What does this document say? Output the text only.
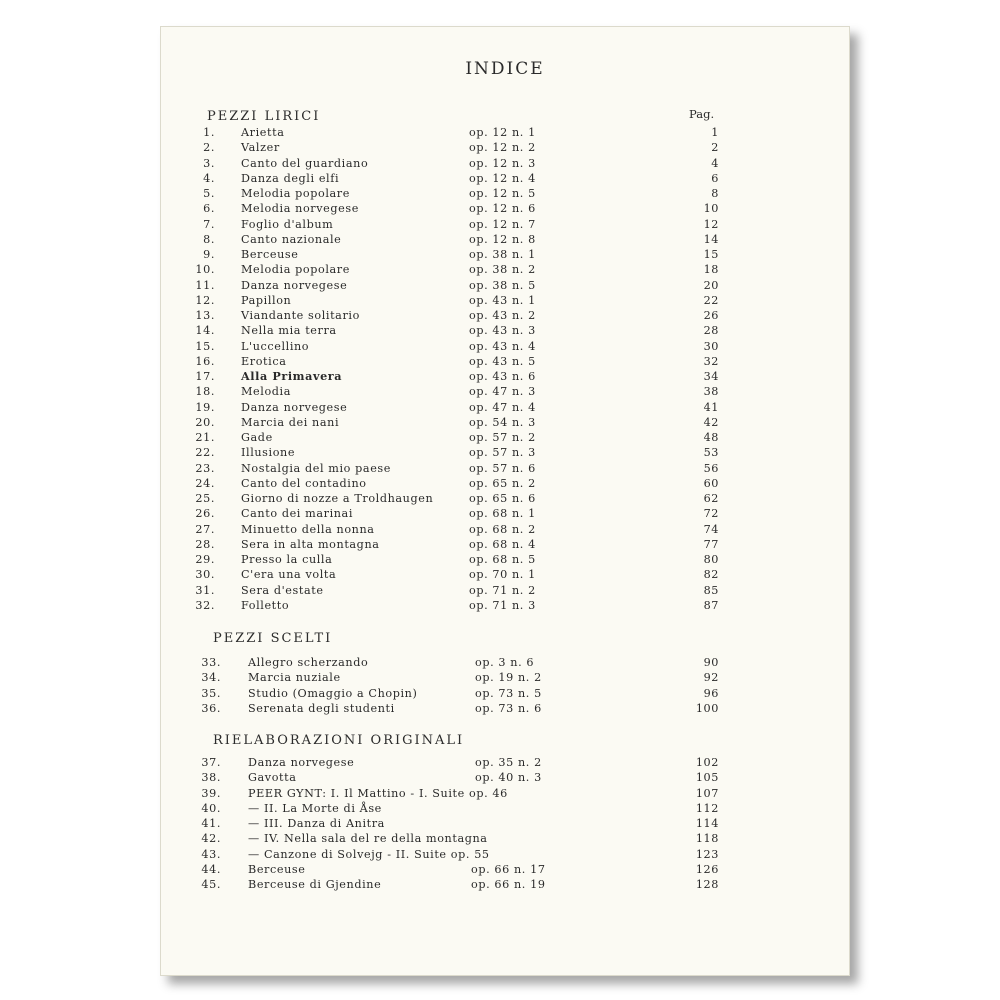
INDICE
Pag.
PEZZI LIRICI
PEZZI SCELTI
RIELABORAZIONI ORIGINALI
1. Arietta	op. 12 n. 1	1
2. Valzer	op. 12 n. 2	2
3. Canto del guardiano	op. 12 n. 3	4
4. Danza degli elfi	op. 12 n. 4	6
5. Melodia popolare	op. 12 n. 5	8
6. Melodia norvegese	op. 12 n. 6	10
7. Foglio d'album	op. 12 n. 7	12
8. Canto nazionale	op. 12 n. 8	14
9. Berceuse	op. 38 n. 1	15
10. Melodia popolare	op. 38 n. 2	18
11. Danza norvegese	op. 38 n. 5	20
12. Papillon	op. 43 n. 1	22
13. Viandante solitario	op. 43 n. 2	26
14. Nella mia terra	op. 43 n. 3	28
15. L'uccellino	op. 43 n. 4	30
16. Erotica	op. 43 n. 5	32
17. Alla Primavera	op. 43 n. 6	34
18. Melodia	op. 47 n. 3	38
19. Danza norvegese	op. 47 n. 4	41
20. Marcia dei nani	op. 54 n. 3	42
21. Gade	op. 57 n. 2	48
22. Illusione	op. 57 n. 3	53
23. Nostalgia del mio paese	op. 57 n. 6	56
24. Canto del contadino	op. 65 n. 2	60
25. Giorno di nozze a Troldhaugen	op. 65 n. 6	62
26. Canto dei marinai	op. 68 n. 1	72
27. Minuetto della nonna	op. 68 n. 2	74
28. Sera in alta montagna	op. 68 n. 4	77
29. Presso la culla	op. 68 n. 5	80
30. C'era una volta	op. 70 n. 1	82
31. Sera d'estate	op. 71 n. 2	85
32. Folletto	op. 71 n. 3	87
33. Allegro scherzando	op. 3 n. 6	90
34. Marcia nuziale	op. 19 n. 2	92
35. Studio (Omaggio a Chopin)	op. 73 n. 5	96
36. Serenata degli studenti	op. 73 n. 6	100
37. Danza norvegese	op. 35 n. 2	102
38. Gavotta	op. 40 n. 3	105
39. PEER GYNT: I. Il Mattino - I. Suite op. 46	107
40. — II. La Morte di Åse	112
41. — III. Danza di Anitra	114
42. — IV. Nella sala del re della montagna	118
43. — Canzone di Solvejg - II. Suite op. 55	123
44. Berceuse	op. 66 n. 17	126
45. Berceuse di Gjendine	op. 66 n. 19	128
